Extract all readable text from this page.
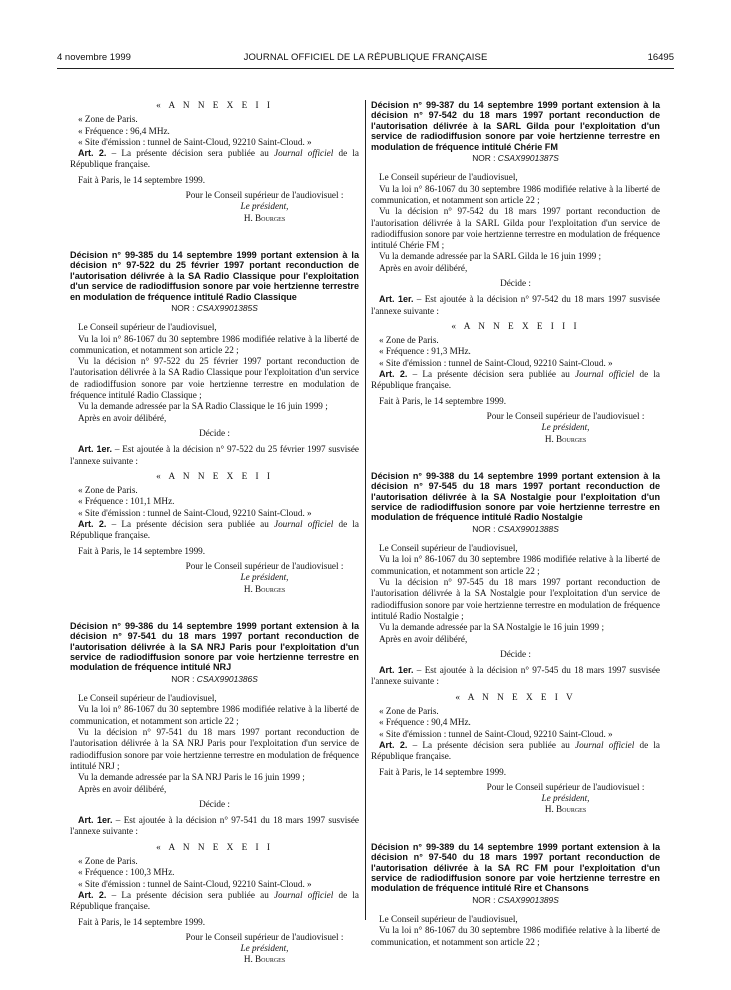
4 novembre 1999	JOURNAL OFFICIEL DE LA RÉPUBLIQUE FRANÇAISE	16495
« A N N E X E I I

« Zone de Paris.

« Fréquence : 96,4 MHz.

« Site d'émission : tunnel de Saint-Cloud, 92210 Saint-Cloud. »

Art. 2. – La présente décision sera publiée au Journal officiel de la République française.

Fait à Paris, le 14 septembre 1999.

Pour le Conseil supérieur de l'audiovisuel :
Le président,
H. Bourges
Décision n° 99-385 du 14 septembre 1999 portant extension à la décision n° 97-522 du 25 février 1997 portant reconduction de l'autorisation délivrée à la SA Radio Classique pour l'exploitation d'un service de radiodiffusion sonore par voie hertzienne terrestre en modulation de fréquence intitulé Radio Classique
NOR : CSAX9901385S

Le Conseil supérieur de l'audiovisuel,

Vu la loi n° 86-1067 du 30 septembre 1986 modifiée relative à la liberté de communication, et notamment son article 22 ;

Vu la décision n° 97-522 du 25 février 1997 portant reconduction de l'autorisation délivrée à la SA Radio Classique pour l'exploitation d'un service de radiodiffusion sonore par voie hertzienne terrestre en modulation de fréquence intitulé Radio Classique ;

Vu la demande adressée par la SA Radio Classique le 16 juin 1999 ;

Après en avoir délibéré,

Décide :

Art. 1er. – Est ajoutée à la décision n° 97-522 du 25 février 1997 susvisée l'annexe suivante :

« A N N E X E I I

« Zone de Paris.

« Fréquence : 101,1 MHz.

« Site d'émission : tunnel de Saint-Cloud, 92210 Saint-Cloud. »

Art. 2. – La présente décision sera publiée au Journal officiel de la République française.

Fait à Paris, le 14 septembre 1999.

Pour le Conseil supérieur de l'audiovisuel :
Le président,
H. Bourges
Décision n° 99-386 du 14 septembre 1999 portant extension à la décision n° 97-541 du 18 mars 1997 portant reconduction de l'autorisation délivrée à la SA NRJ Paris pour l'exploitation d'un service de radiodiffusion sonore par voie hertzienne terrestre en modulation de fréquence intitulé NRJ
NOR : CSAX9901386S

Le Conseil supérieur de l'audiovisuel,

Vu la loi n° 86-1067 du 30 septembre 1986 modifiée relative à la liberté de communication, et notamment son article 22 ;

Vu la décision n° 97-541 du 18 mars 1997 portant reconduction de l'autorisation délivrée à la SA NRJ Paris pour l'exploitation d'un service de radiodiffusion sonore par voie hertzienne terrestre en modulation de fréquence intitulé NRJ ;

Vu la demande adressée par la SA NRJ Paris le 16 juin 1999 ;

Après en avoir délibéré,

Décide :

Art. 1er. – Est ajoutée à la décision n° 97-541 du 18 mars 1997 susvisée l'annexe suivante :

« A N N E X E I I

« Zone de Paris.

« Fréquence : 100,3 MHz.

« Site d'émission : tunnel de Saint-Cloud, 92210 Saint-Cloud. »

Art. 2. – La présente décision sera publiée au Journal officiel de la République française.

Fait à Paris, le 14 septembre 1999.

Pour le Conseil supérieur de l'audiovisuel :
Le président,
H. Bourges
Décision n° 99-387 du 14 septembre 1999 portant extension à la décision n° 97-542 du 18 mars 1997 portant reconduction de l'autorisation délivrée à la SARL Gilda pour l'exploitation d'un service de radiodiffusion sonore par voie hertzienne terrestre en modulation de fréquence intitulé Chérie FM
NOR : CSAX9901387S

Le Conseil supérieur de l'audiovisuel,

Vu la loi n° 86-1067 du 30 septembre 1986 modifiée relative à la liberté de communication, et notamment son article 22 ;

Vu la décision n° 97-542 du 18 mars 1997 portant reconduction de l'autorisation délivrée à la SARL Gilda pour l'exploitation d'un service de radiodiffusion sonore par voie hertzienne terrestre en modulation de fréquence intitulé Chérie FM ;

Vu la demande adressée par la SARL Gilda le 16 juin 1999 ;

Après en avoir délibéré,

Décide :

Art. 1er. – Est ajoutée à la décision n° 97-542 du 18 mars 1997 susvisée l'annexe suivante :

« A N N E X E I I I

« Zone de Paris.

« Fréquence : 91,3 MHz.

« Site d'émission : tunnel de Saint-Cloud, 92210 Saint-Cloud. »

Art. 2. – La présente décision sera publiée au Journal officiel de la République française.

Fait à Paris, le 14 septembre 1999.

Pour le Conseil supérieur de l'audiovisuel :
Le président,
H. Bourges
Décision n° 99-388 du 14 septembre 1999 portant extension à la décision n° 97-545 du 18 mars 1997 portant reconduction de l'autorisation délivrée à la SA Nostalgie pour l'exploitation d'un service de radiodiffusion sonore par voie hertzienne terrestre en modulation de fréquence intitulé Radio Nostalgie
NOR : CSAX9901388S

Le Conseil supérieur de l'audiovisuel,

Vu la loi n° 86-1067 du 30 septembre 1986 modifiée relative à la liberté de communication, et notamment son article 22 ;

Vu la décision n° 97-545 du 18 mars 1997 portant reconduction de l'autorisation délivrée à la SA Nostalgie pour l'exploitation d'un service de radiodiffusion sonore par voie hertzienne terrestre en modulation de fréquence intitulé Radio Nostalgie ;

Vu la demande adressée par la SA Nostalgie le 16 juin 1999 ;

Après en avoir délibéré,

Décide :

Art. 1er. – Est ajoutée à la décision n° 97-545 du 18 mars 1997 susvisée l'annexe suivante :

« A N N E X E I V

« Zone de Paris.

« Fréquence : 90,4 MHz.

« Site d'émission : tunnel de Saint-Cloud, 92210 Saint-Cloud. »

Art. 2. – La présente décision sera publiée au Journal officiel de la République française.

Fait à Paris, le 14 septembre 1999.

Pour le Conseil supérieur de l'audiovisuel :
Le président,
H. Bourges
Décision n° 99-389 du 14 septembre 1999 portant extension à la décision n° 97-540 du 18 mars 1997 portant reconduction de l'autorisation délivrée à la SA RC FM pour l'exploitation d'un service de radiodiffusion sonore par voie hertzienne terrestre en modulation de fréquence intitulé Rire et Chansons
NOR : CSAX9901389S

Le Conseil supérieur de l'audiovisuel,

Vu la loi n° 86-1067 du 30 septembre 1986 modifiée relative à la liberté de communication, et notamment son article 22 ;
